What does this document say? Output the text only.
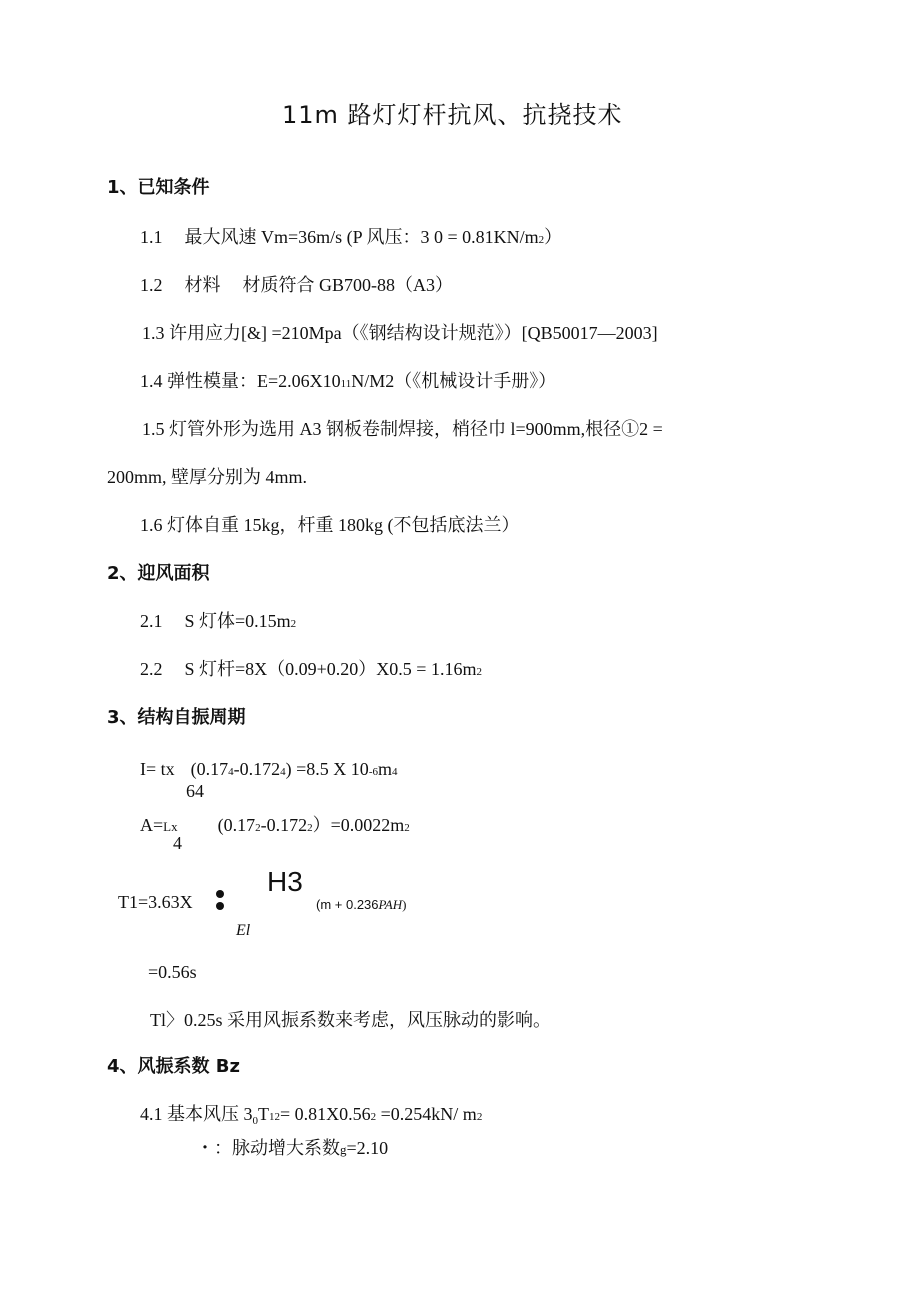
11m 路灯灯杆抗风、抗挠技术
1、已知条件
1.1 最大风速 Vm=36m/s (P 风压：3 0 = 0.81KN/m2）
1.2 材料 材质符合 GB700-88（A3）
1.3 许用应力[&] =210Mpa（《钢结构设计规范》）[QB50017—2003]
1.4 弹性模量：E=2.06X1011N/M2（《机械设计手册》）
1.5 灯管外形为选用 A3 钢板卷制焊接，梢径巾 l=900mm,根径①2 =
200mm, 壁厚分别为 4mm.
1.6 灯体自重 15kg，杆重 180kg (不包括底法兰）
2、迎风面积
2.1 S 灯体=0.15m2
2.2 S 灯杆=8X（0.09+0.20）X0.5 = 1.16m2
3、结构自振周期
I= tx (0.174-0.1724) =8.5 X 10-6m4
64
A=Lx (0.172-0.1722）=0.0022m2
4
T1=3.63X
H3
(m + 0.236PAH)
El
=0.56s
Tl〉0.25s 采用风振系数来考虑，风压脉动的影响。
4、风振系数 Bz
4.1 基本风压 $3_0T12= 0.81X0.562 =0.254kN/$ m2
・：脉动增大系数g=2.10
